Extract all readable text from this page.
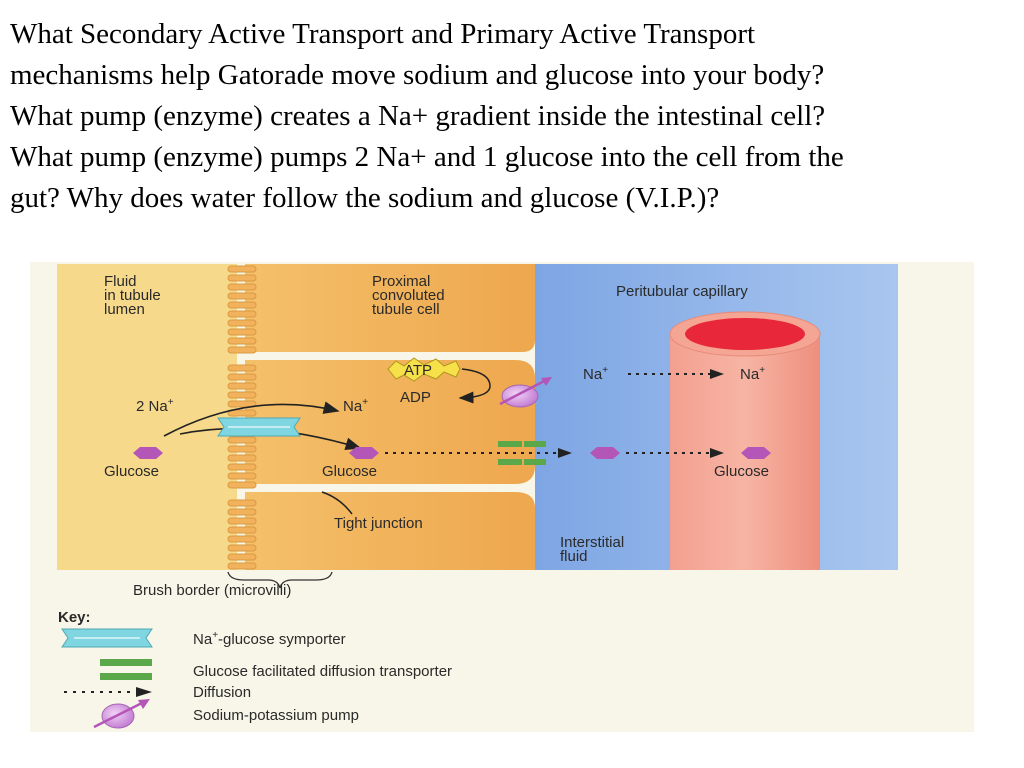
What Secondary Active Transport and Primary Active Transport
mechanisms help Gatorade move sodium and glucose into your body?
What pump (enzyme) creates a Na+ gradient inside the intestinal cell?
What pump (enzyme) pumps 2 Na+ and 1 glucose into the cell from the
gut? Why does water follow the sodium and glucose (V.I.P.)?
Fluid
in tubule
lumen
Proximal
convoluted
tubule cell
Peritubular capillary
Interstitial
fluid
ATP
ADP
2 Na+	Na+
Na+	Na+
Glucose	Glucose	Glucose
Tight junction
Brush border (microvilli)
Key:
Na+-glucose symporter
Glucose facilitated diffusion transporter
Diffusion
Sodium-potassium pump
